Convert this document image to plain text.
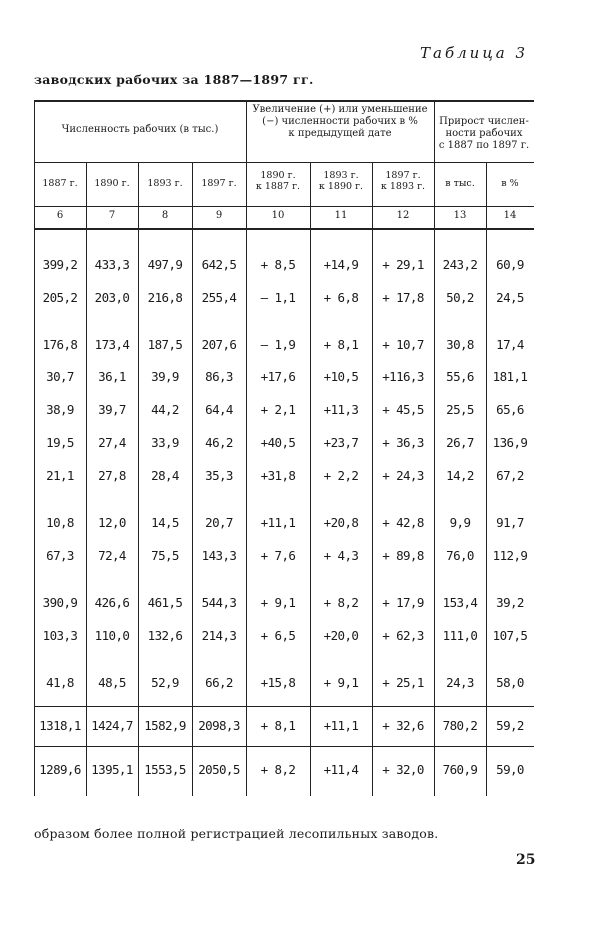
Таблица 3
заводских рабочих за 1887—1897 гг.
Численность рабочих (в тыс.)
Увеличение (+) или уменьшение
(−) численности рабочих в %
к предыдущей дате
Прирост числен-
ности рабочих
с 1887 по 1897 г.
1887 г.	1890 г.	1893 г.	1897 г.
1890 г.
к 1887 г.
1893 г.
к 1890 г.
1897 г.
к 1893 г.	в тыс.	в %
6	7	8	9	10	11	12	13	14
399,2	433,3	497,9	642,5	+ 8,5	+14,9	+ 29,1	243,2	60,9
205,2	203,0	216,8	255,4	— 1,1	+ 6,8	+ 17,8	50,2	24,5
176,8	173,4	187,5	207,6	— 1,9	+ 8,1	+ 10,7	30,8	17,4
30,7	36,1	39,9	86,3	+17,6	+10,5	+116,3	55,6	181,1
38,9	39,7	44,2	64,4	+ 2,1	+11,3	+ 45,5	25,5	65,6
19,5	27,4	33,9	46,2	+40,5	+23,7	+ 36,3	26,7	136,9
21,1	27,8	28,4	35,3	+31,8	+ 2,2	+ 24,3	14,2	67,2
10,8	12,0	14,5	20,7	+11,1	+20,8	+ 42,8	9,9	91,7
67,3	72,4	75,5	143,3	+ 7,6	+ 4,3	+ 89,8	76,0	112,9
390,9	426,6	461,5	544,3	+ 9,1	+ 8,2	+ 17,9	153,4	39,2
103,3	110,0	132,6	214,3	+ 6,5	+20,0	+ 62,3	111,0	107,5
41,8	48,5	52,9	66,2	+15,8	+ 9,1	+ 25,1	24,3	58,0
1318,1 1424,7 1582,9 2098,3	+ 8,1	+11,1	+ 32,6	780,2	59,2
1289,6 1395,1 1553,5 2050,5	+ 8,2	+11,4	+ 32,0	760,9	59,0
образом более полной регистрацией лесопильных заводов.
25
